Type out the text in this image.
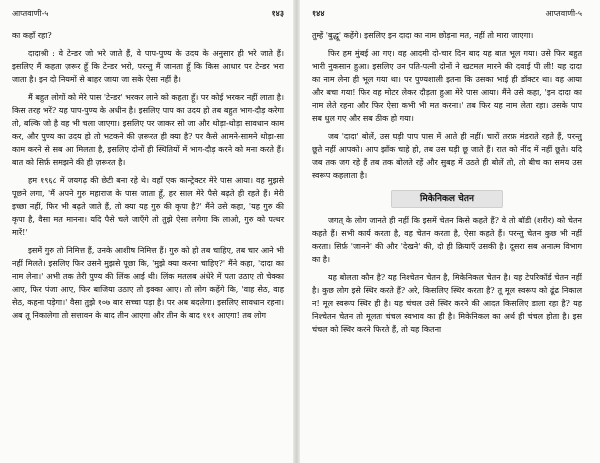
आप्तवाणी-५	१४३

का कहाँ रहा?

दादाश्री : वे टेन्डर जो भरे जाते हैं, वे पाप-पुण्य के उदय के अनुसार ही भरे जाते हैं। इसलिए मैं कहता ज़रूर हूँ कि टेन्डर भरो, परन्तु मैं जानता हूँ कि किस आधार पर टेन्डर भरा जाता है। इन दो नियमों से बाहर जाया जा सके ऐसा नहीं है।

मैं बहुत लोगों को मेरे पास 'टेन्डर' भरकर लाने को कहता हूँ। पर कोई भरकर नहीं लाता है। किस तरह भरें? यह पाप-पुण्य के अधीन है। इसलिए पाप का उदय हो तब बहुत भाग-दौड़ करेगा तो, बल्कि जो है वह भी चला जाएगा। इसलिए पर जाकर सो जा और थोड़ा-थोड़ा सावधान काम कर, और पुण्य का उदय हो तो भटकने की ज़रूरत ही क्या है? पर कैसे आमने-सामने थोड़ा-सा काम करने से सब आ मिलता है, इसलिए दोनों ही स्थितियों में भाग-दौड़ करने को मना करते हैं। बात को सिर्फ़ समझने की ही ज़रूरत है।

हम १९६८ में जयगढ़ की छेटी बना रहे थे। वहाँ एक कान्ट्रेक्टर मेरे पास आया। वह मुझसे पूछने लगा, 'मैं अपने गुरु महाराज के पास जाता हूँ, हर साल मेरे पैसे बढ़ते ही रहते हैं। मेरी इच्छा नहीं, फिर भी बढ़ते जाते हैं, तो क्या यह गुरु की कृपा है?' मैंने उसे कहा, 'यह गुरु की कृपा है, वैसा मत मानना। यदि पैसे चले जाएँगे तो तुझे ऐसा लगेगा कि लाओ, गुरु को पत्थर मारें!'

इसमें गुरु तो निमित्त हैं, उनके आशीष निमित्त हैं। गुरु को हो तब चाहिए, तब चार आने भी नहीं मिलते। इसलिए फिर उसने मुझसे पूछा कि, 'मुझे क्या करना चाहिए?' मैंने कहा, 'दादा का नाम लेना।' अभी तक तेरी पुण्य की लिंक आई थी। लिंक मतलब अंधेरे में पता उठाए तो चेक्का आए, फिर पंजा आए, फिर बाजिया उठाए तो इक्का आए। तो लोग कहेंगे कि, 'वाह सेठ, वाह सेठ, कहना पड़ेगा।' वैसा तुझे १०७ बार सच्चा पड़ा है। पर अब बदलेगा। इसलिए सावधान रहना। अब तू निकालेगा तो सत्तावन के बाद तीन आएगा और तीन के बाद १११ आएगा! तब लोग

१४४	आप्तवाणी-५

तुम्हें 'बुद्धू' कहेंगे। इसलिए इन दादा का नाम छोड़ना मत, नहीं तो मारा जाएगा।

फिर हम मुंबई आ गए। वह आदमी दो-चार दिन बाद यह बात भूल गया। उसे फिर बहुत भारी नुकसान हुआ। इसलिए उन पति-पत्नी दोनों ने खटमल मारने की दवाई पी ली! यह दादा का नाम लेना ही भूल गया था। पर पुण्यशाली इतना कि उसका भाई ही डॉक्टर था। वह आया और बचा गया! फिर वह मोटर लेकर दौड़ता हुआ मेरे पास आया। मैंने उसे कहा, 'इन दादा का नाम लेते रहना और फिर ऐसा कभी भी मत करना।' तब फिर यह नाम लेता रहा। उसके पाप सब धुल गए और सब ठीक हो गया।

जब 'दादा' बोलें, उस घड़ी पाप पास में आते ही नहीं। चारों तरफ़ मंडराते रहते हैं, परन्तु छूते नहीं आपको। आप झाँक चाहे हो, तब उस घड़ी छू जाते हैं। रात को नींद में नहीं छूते। यदि जब तक जग रहे हैं तब तक बोलते रहें और सुबह में उठते ही बोलें तो, तो बीच का समय उस स्वरूप कहलाता है।

मिकेनिकल चेतन

जगत् के लोग जानते ही नहीं कि इसमें चेतन किसे कहते हैं? वे तो बॉडी (शरीर) को चेतन कहते हैं। सभी कार्य करता है, वह चेतन करता है, ऐसा कहते हैं। परन्तु चेतन कुछ भी नहीं करता। सिर्फ़ 'जानने' की और 'देखने' की, दो ही क्रियाएँ उसकी है। दूसरा सब अनात्म विभाग का है।

यह बोलता कौन है? यह निश्चेतन चेतन है, मिकेनिकल चेतन है। यह टेपरिकॉर्ड चेतन नहीं है। कुछ लोग इसे स्थिर करते हैं? अरे, किसलिए स्थिर करता है? तू मूल स्वरूप को ढूंढ निकाल न! मूल स्वरूप स्थिर ही है। यह चंचल उसे स्थिर करने की आदत किसलिए डाला रहा है? यह निश्चेतन चेतन तो मूलतः चंचल स्वभाव का ही है। मिकेनिकल का अर्थ ही चंचल होता है। इस चंचल को स्थिर करने फिरते हैं, तो यह कितना
